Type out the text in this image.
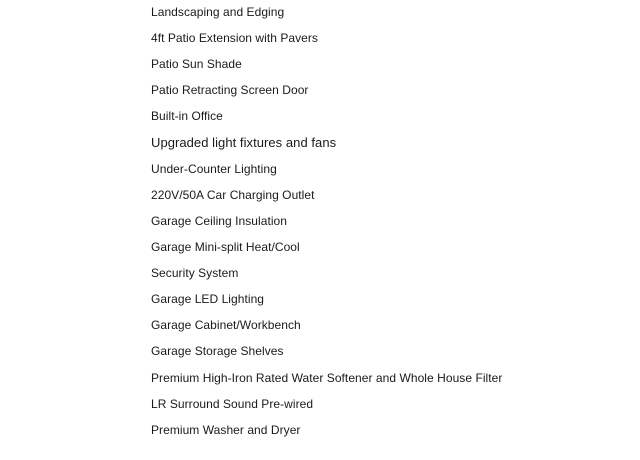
Landscaping and Edging
4ft Patio Extension with Pavers
Patio Sun Shade
Patio Retracting Screen Door
Built-in Office
Upgraded light fixtures and fans
Under-Counter Lighting
220V/50A Car Charging Outlet
Garage Ceiling Insulation
Garage Mini-split Heat/Cool
Security System
Garage LED Lighting
Garage Cabinet/Workbench
Garage Storage Shelves
Premium High-Iron Rated Water Softener and Whole House Filter
LR Surround Sound Pre-wired
Premium Washer and Dryer
